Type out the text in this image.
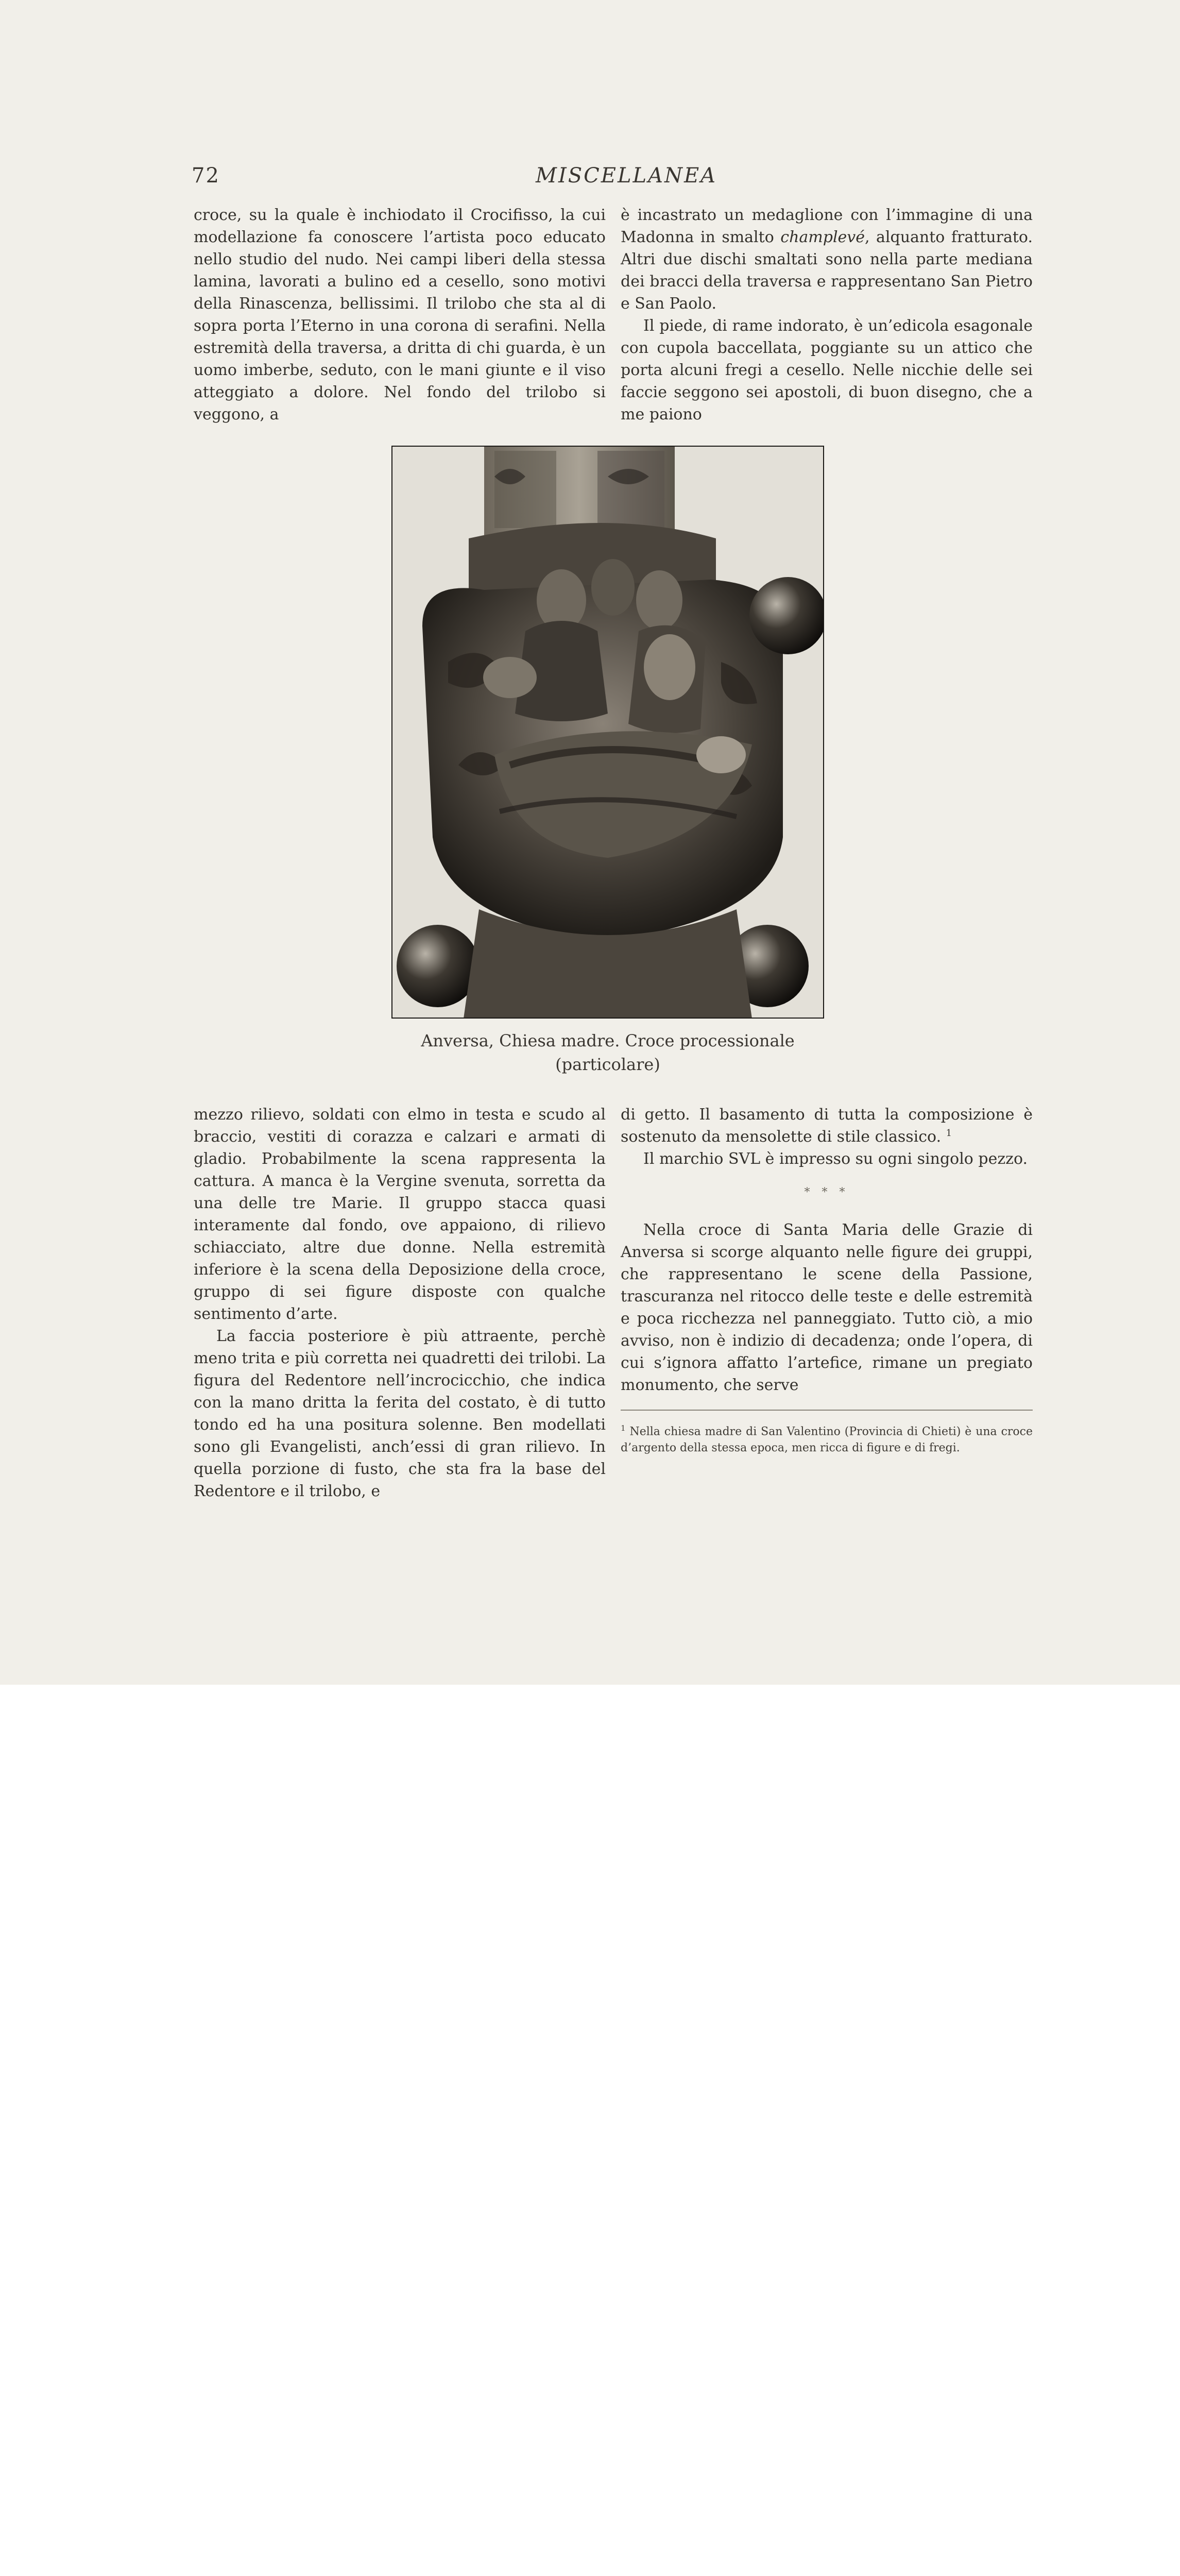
72	MISCELLANEA

croce, su la quale è inchiodato il Crocifisso, la cui modellazione fa conoscere l’artista poco educato nello studio del nudo. Nei campi liberi della stessa lamina, lavorati a bulino ed a cesello, sono motivi della Rinascenza, bellissimi. Il trilobo che sta al di sopra porta l’Eterno in una corona di serafini. Nella estremità della traversa, a dritta di chi guarda, è un uomo imberbe, seduto, con le mani giunte e il viso atteggiato a dolore. Nel fondo del trilobo si veggono, a

è incastrato un medaglione con l’immagine di una Madonna in smalto champlevé, alquanto fratturato. Altri due dischi smaltati sono nella parte mediana dei bracci della traversa e rappresentano San Pietro e San Paolo.

Il piede, di rame indorato, è un’edicola esagonale con cupola baccellata, poggiante su un attico che porta alcuni fregi a cesello. Nelle nicchie delle sei faccie seggono sei apostoli, di buon disegno, che a me paiono

Anversa, Chiesa madre. Croce processionale
(particolare)

mezzo rilievo, soldati con elmo in testa e scudo al braccio, vestiti di corazza e calzari e armati di gladio. Probabilmente la scena rappresenta la cattura. A manca è la Vergine svenuta, sorretta da una delle tre Marie. Il gruppo stacca quasi interamente dal fondo, ove appaiono, di rilievo schiacciato, altre due donne. Nella estremità inferiore è la scena della Deposizione della croce, gruppo di sei figure disposte con qualche sentimento d’arte.

La faccia posteriore è più attraente, perchè meno trita e più corretta nei quadretti dei trilobi. La figura del Redentore nell’incrocicchio, che indica con la mano dritta la ferita del costato, è di tutto tondo ed ha una positura solenne. Ben modellati sono gli Evangelisti, anch’essi di gran rilievo. In quella porzione di fusto, che sta fra la base del Redentore e il trilobo, e

di getto. Il basamento di tutta la composizione è sostenuto da mensolette di stile classico. $^1$

Il marchio SVL è impresso su ogni singolo pezzo.

* * *

Nella croce di Santa Maria delle Grazie di Anversa si scorge alquanto nelle figure dei gruppi, che rappresentano le scene della Passione, trascuranza nel ritocco delle teste e delle estremità e poca ricchezza nel panneggiato. Tutto ciò, a mio avviso, non è indizio di decadenza; onde l’opera, di cui s’ignora affatto l’artefice, rimane un pregiato monumento, che serve

$^1$ Nella chiesa madre di San Valentino (Provincia di Chieti) è una croce d’argento della stessa epoca, men ricca di figure e di fregi.
